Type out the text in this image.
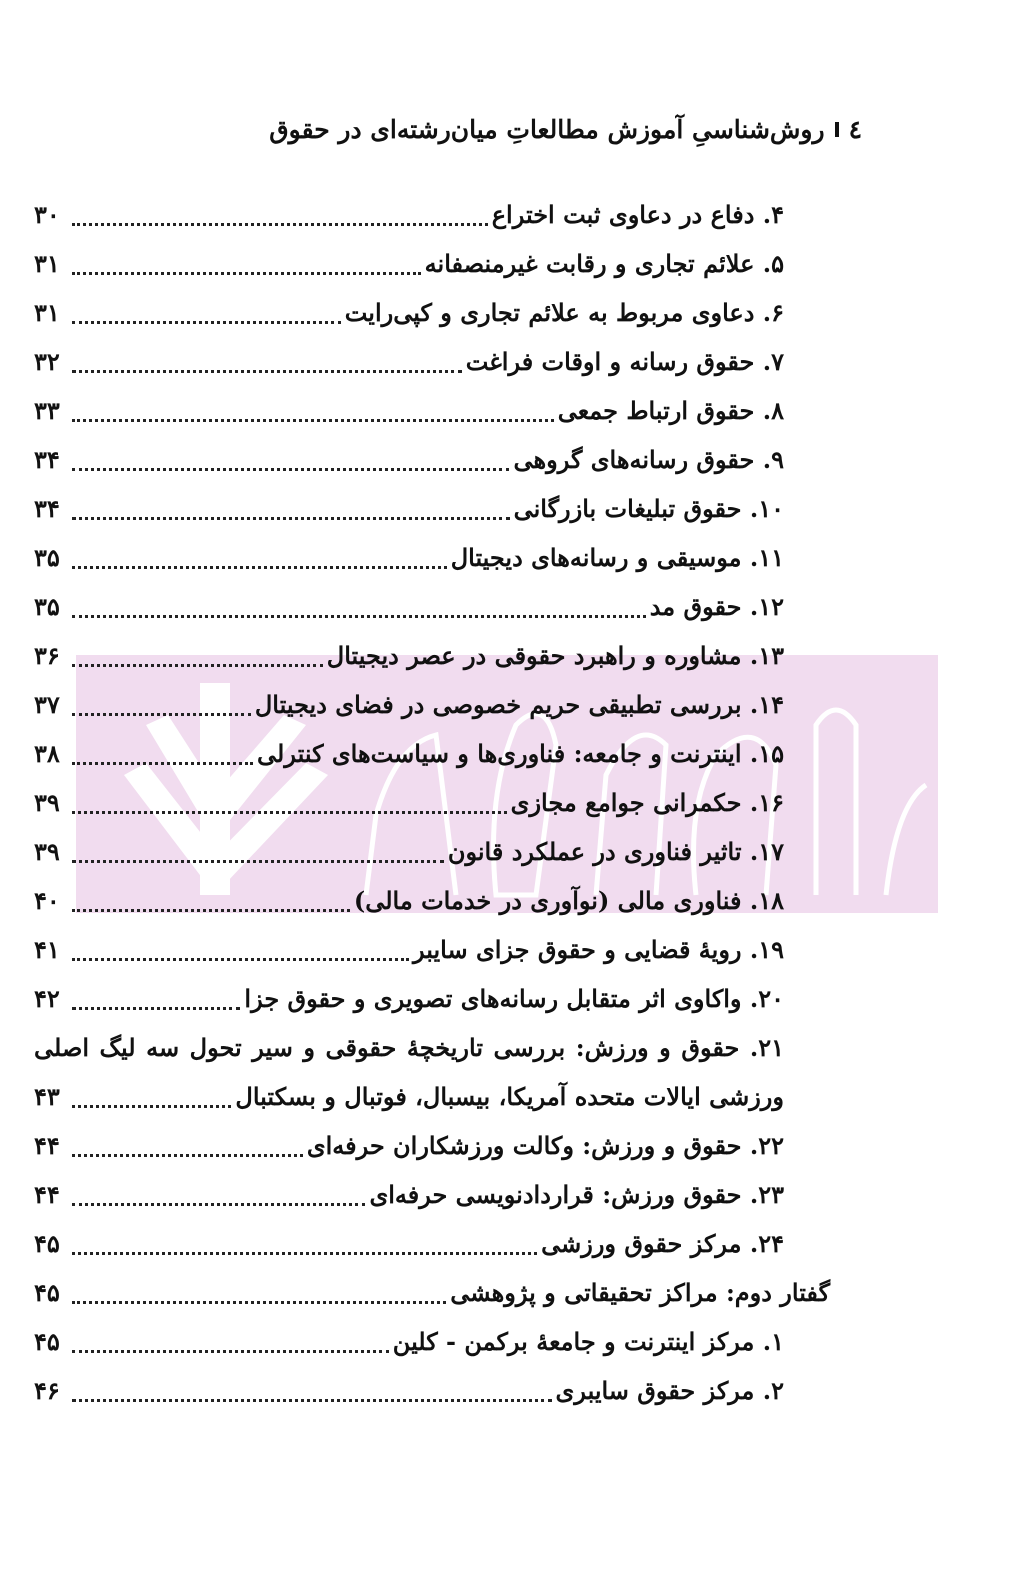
٤
روش‌شناسیِ آموزش مطالعاتِ میان‌رشته‌ای در حقوق
۴. دفاع در دعاوی ثبت اختراع
۳۰
۵. علائم تجاری و رقابت غیرمنصفانه
۳۱
۶. دعاوی مربوط به علائم تجاری و کپی‌رایت
۳۱
۷. حقوق رسانه و اوقات فراغت
۳۲
۸. حقوق ارتباط جمعی
۳۳
۹. حقوق رسانه‌های گروهی
۳۴
۱۰. حقوق تبلیغات بازرگانی
۳۴
۱۱. موسیقی و رسانه‌های دیجیتال
۳۵
۱۲. حقوق مد
۳۵
۱۳. مشاوره و راهبرد حقوقی در عصر دیجیتال
۳۶
۱۴. بررسی تطبیقی حریم خصوصی در فضای دیجیتال
۳۷
۱۵. اینترنت و جامعه: فناوری‌ها و سیاست‌های کنترلی
۳۸
۱۶. حکمرانی جوامع مجازی
۳۹
۱۷. تاثیر فناوری در عملکرد قانون
۳۹
۱۸. فناوری مالی (نوآوری در خدمات مالی)
۴۰
۱۹. رویهٔ قضایی و حقوق جزای سایبر
۴۱
۲۰. واکاوی اثر متقابل رسانه‌های تصویری و حقوق جزا
۴۲
۲۱. حقوق و ورزش: بررسی تاریخچهٔ حقوقی و سیر تحول سه لیگ اصلی
ورزشی ایالات متحده آمریکا، بیسبال، فوتبال و بسکتبال
۴۳
۲۲. حقوق و ورزش: وکالت ورزشکاران حرفه‌ای
۴۴
۲۳. حقوق ورزش: قراردادنویسی حرفه‌ای
۴۴
۲۴. مرکز حقوق ورزشی
۴۵
گفتار دوم: مراکز تحقیقاتی و پژوهشی
۴۵
۱. مرکز اینترنت و جامعهٔ برکمن - کلین
۴۵
۲. مرکز حقوق سایبری
۴۶
